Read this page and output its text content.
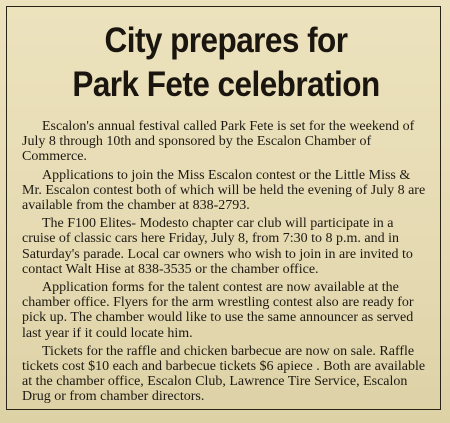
City prepares for
Park Fete celebration

Escalon's annual festival called Park Fete is set for the weekend of July 8 through 10th and sponsored by the Escalon Chamber of Commerce.

Applications to join the Miss Escalon contest or the Little Miss & Mr. Escalon contest both of which will be held the evening of July 8 are available from the chamber at 838-2793.

The F100 Elites- Modesto chapter car club will participate in a cruise of classic cars here Friday, July 8, from 7:30 to 8 p.m. and in Saturday's parade. Local car owners who wish to join in are invited to contact Walt Hise at 838-3535 or the chamber office.

Application forms for the talent contest are now available at the chamber office. Flyers for the arm wrestling contest also are ready for pick up. The chamber would like to use the same announcer as served last year if it could locate him.

Tickets for the raffle and chicken barbecue are now on sale. Raffle tickets cost $10 each and barbecue tickets $6 apiece . Both are available at the chamber office, Escalon Club, Lawrence Tire Service, Escalon Drug or from chamber directors.
